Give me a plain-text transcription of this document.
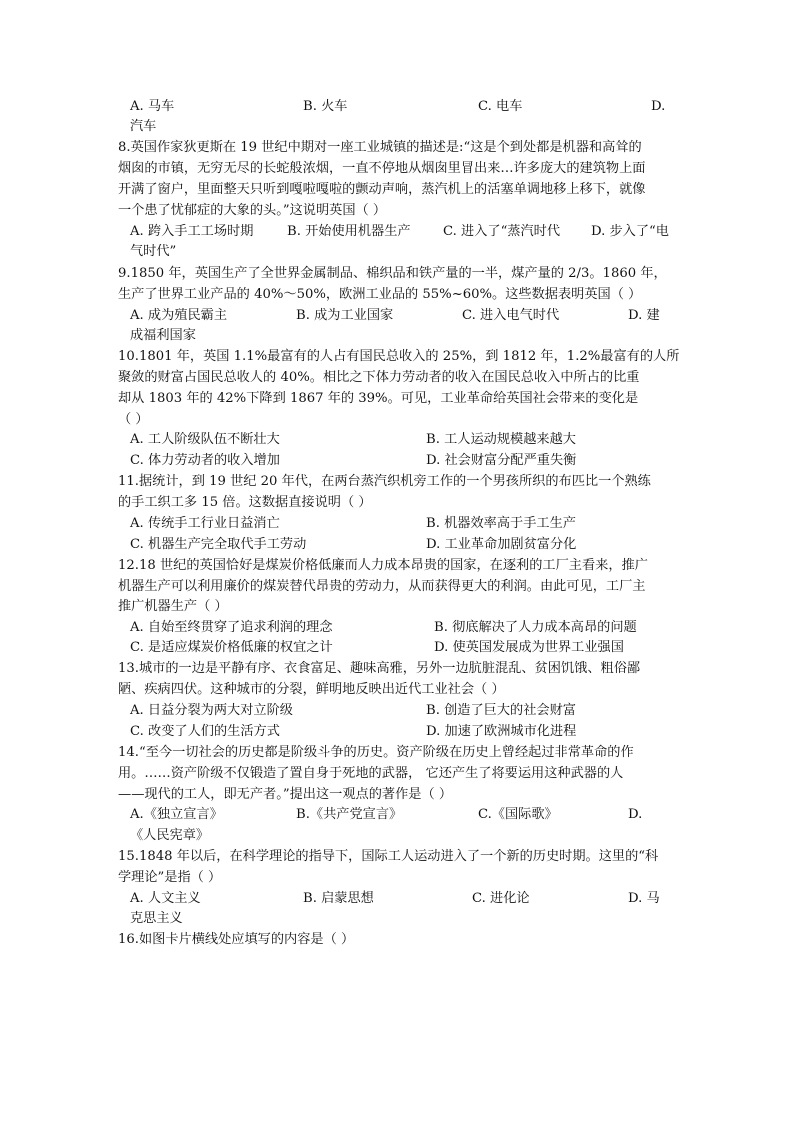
A. 马车	B. 火车	C. 电车	D.
汽车
8.英国作家狄更斯在 19 世纪中期对一座工业城镇的描述是:“这是个到处都是机器和高耸的
烟囱的市镇，无穷无尽的长蛇般浓烟，一直不停地从烟囱里冒出来…许多庞大的建筑物上面
开满了窗户，里面整天只听到嘎啦嘎啦的颤动声响，蒸汽机上的活塞单调地移上移下，就像
一个患了忧郁症的大象的头。”这说明英国（ ）
A. 跨入手工工场时期	B. 开始使用机器生产 C. 进入了“蒸汽时代 D. 步入了“电
气时代”
9.1850 年，英国生产了全世界金属制品、棉织品和铁产量的一半，煤产量的 2/3。1860 年，
生产了世界工业产品的 40%～50%，欧洲工业品的 55%~60%。这些数据表明英国（ ）
A. 成为殖民霸主	B. 成为工业国家	C. 进入电气时代	D. 建
成福利国家
10.1801 年，英国 1.1%最富有的人占有国民总收入的 25%，到 1812 年，1.2%最富有的人所
聚敛的财富占国民总收人的 40%。相比之下体力劳动者的收入在国民总收入中所占的比重
却从 1803 年的 42%下降到 1867 年的 39%。可见，工业革命给英国社会带来的变化是
（ ）
A. 工人阶级队伍不断壮大	B. 工人运动规模越来越大
C. 体力劳动者的收入增加	D. 社会财富分配严重失衡
11.据统计，到 19 世纪 20 年代，在两台蒸汽织机旁工作的一个男孩所织的布匹比一个熟练
的手工织工多 15 倍。这数据直接说明（ ）
A. 传统手工行业日益消亡	B. 机器效率高于手工生产
C. 机器生产完全取代手工劳动	D. 工业革命加剧贫富分化
12.18 世纪的英国恰好是煤炭价格低廉而人力成本昂贵的国家，在逐利的工厂主看来，推广
机器生产可以利用廉价的煤炭替代昂贵的劳动力，从而获得更大的利润。由此可见，工厂主
推广机器生产（ ）
A. 自始至终贯穿了追求利润的理念	B. 彻底解决了人力成本高昂的问题
C. 是适应煤炭价格低廉的权宜之计	D. 使英国发展成为世界工业强国
13.城市的一边是平静有序、衣食富足、趣味高雅，另外一边肮脏混乱、贫困饥饿、粗俗鄙
陋、疾病四伏。这种城市的分裂，鲜明地反映出近代工业社会（ ）
A. 日益分裂为两大对立阶级	B. 创造了巨大的社会财富
C. 改变了人们的生活方式	D. 加速了欧洲城市化进程
14.“至今一切社会的历史都是阶级斗争的历史。资产阶级在历史上曾经起过非常革命的作
用。……资产阶级不仅锻造了置自身于死地的武器， 它还产生了将要运用这种武器的人
——现代的工人，即无产者。”提出这一观点的著作是（ ）
A.《独立宣言》	B.《共产党宣言》	C.《国际歌》	D.
《人民宪章》
15.1848 年以后，在科学理论的指导下，国际工人运动进入了一个新的历史时期。这里的“科
学理论”是指（ ）
A. 人文主义	B. 启蒙思想	C. 进化论	D. 马
克思主义
16.如图卡片横线处应填写的内容是（ ）
